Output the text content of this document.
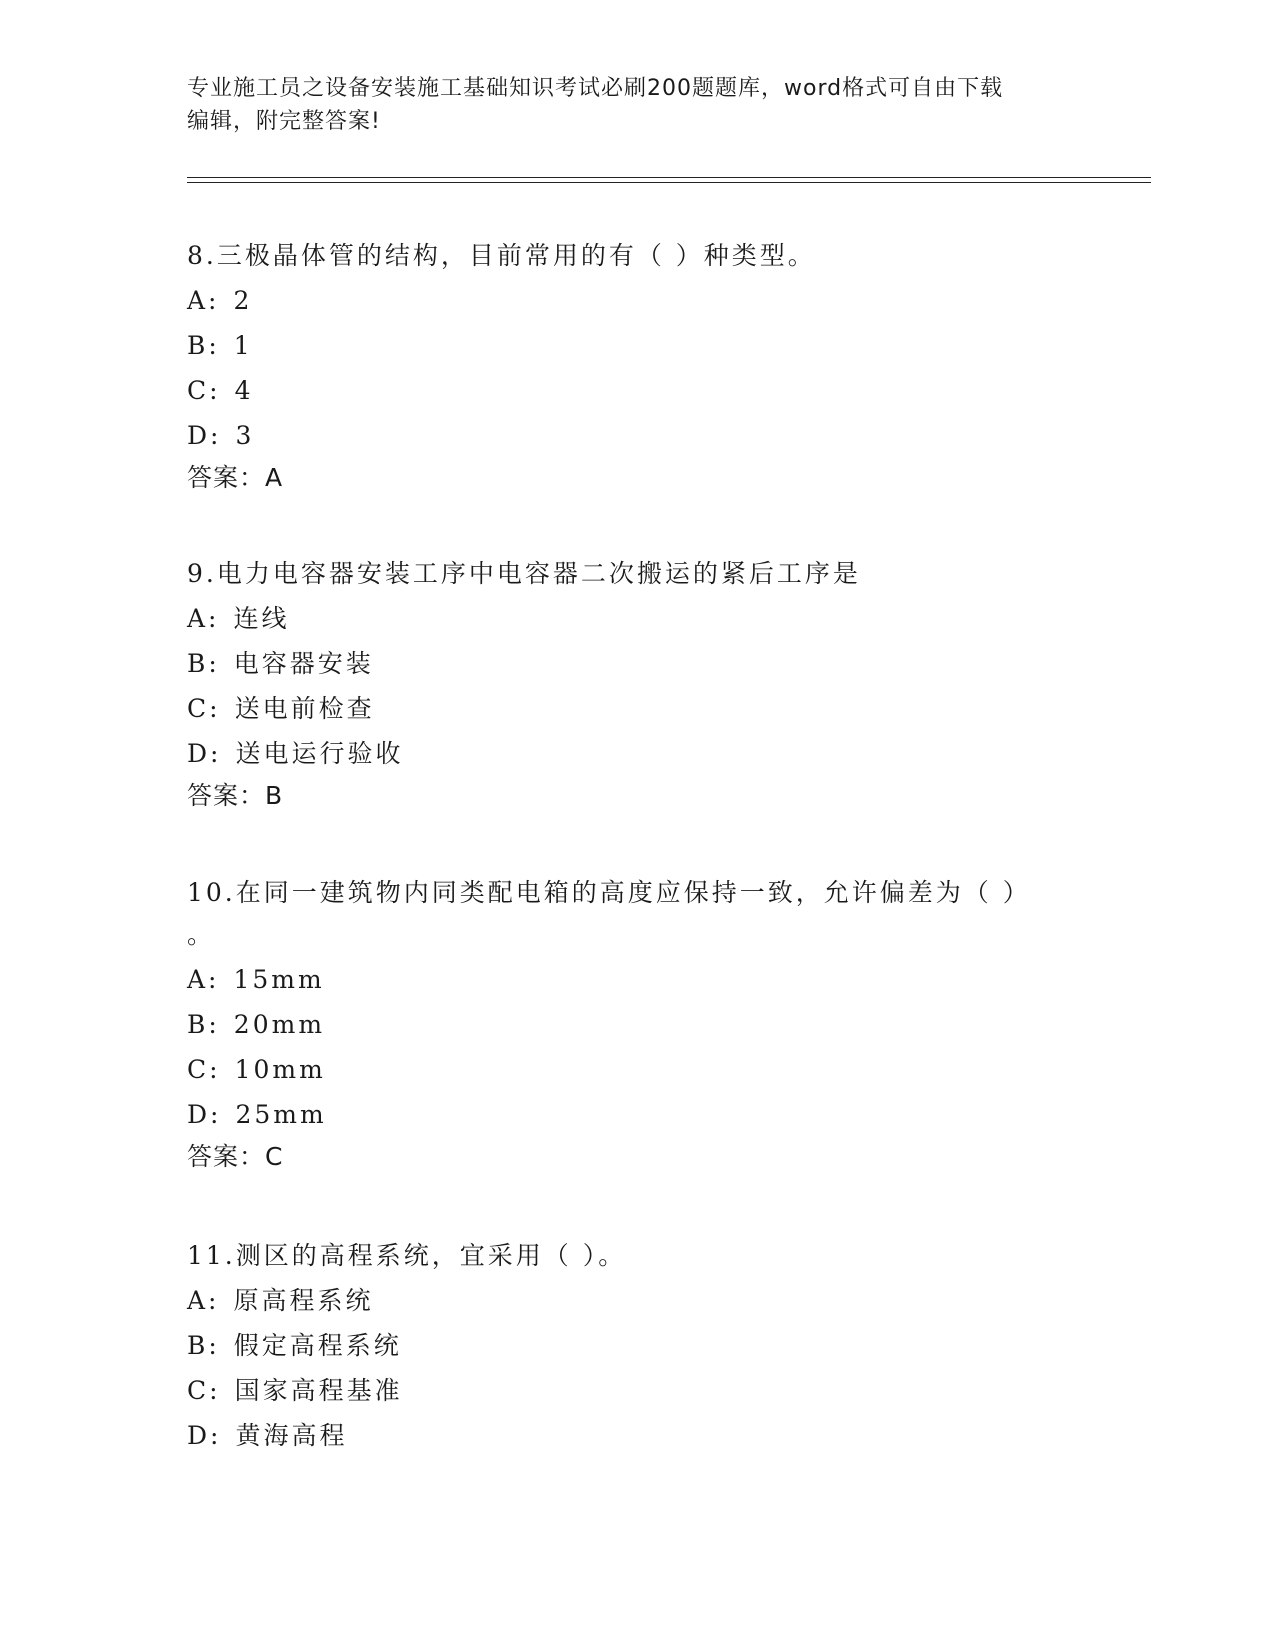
专业施工员之设备安装施工基础知识考试必刷200题题库，word格式可自由下载
编辑，附完整答案!

8.三极晶体管的结构，目前常用的有（ ）种类型。

A: 2
B: 1
C: 4
D: 3
答案：A

9.电力电容器安装工序中电容器二次搬运的紧后工序是

A: 连线
B: 电容器安装
C: 送电前检查
D: 送电运行验收
答案：B

10.在同一建筑物内同类配电箱的高度应保持一致，允许偏差为（ ）

。

A: 15mm
B: 20mm
C: 10mm
D: 25mm
答案：C

11.测区的高程系统，宜采用（ ）。

A: 原高程系统
B: 假定高程系统
C: 国家高程基准
D: 黄海高程
